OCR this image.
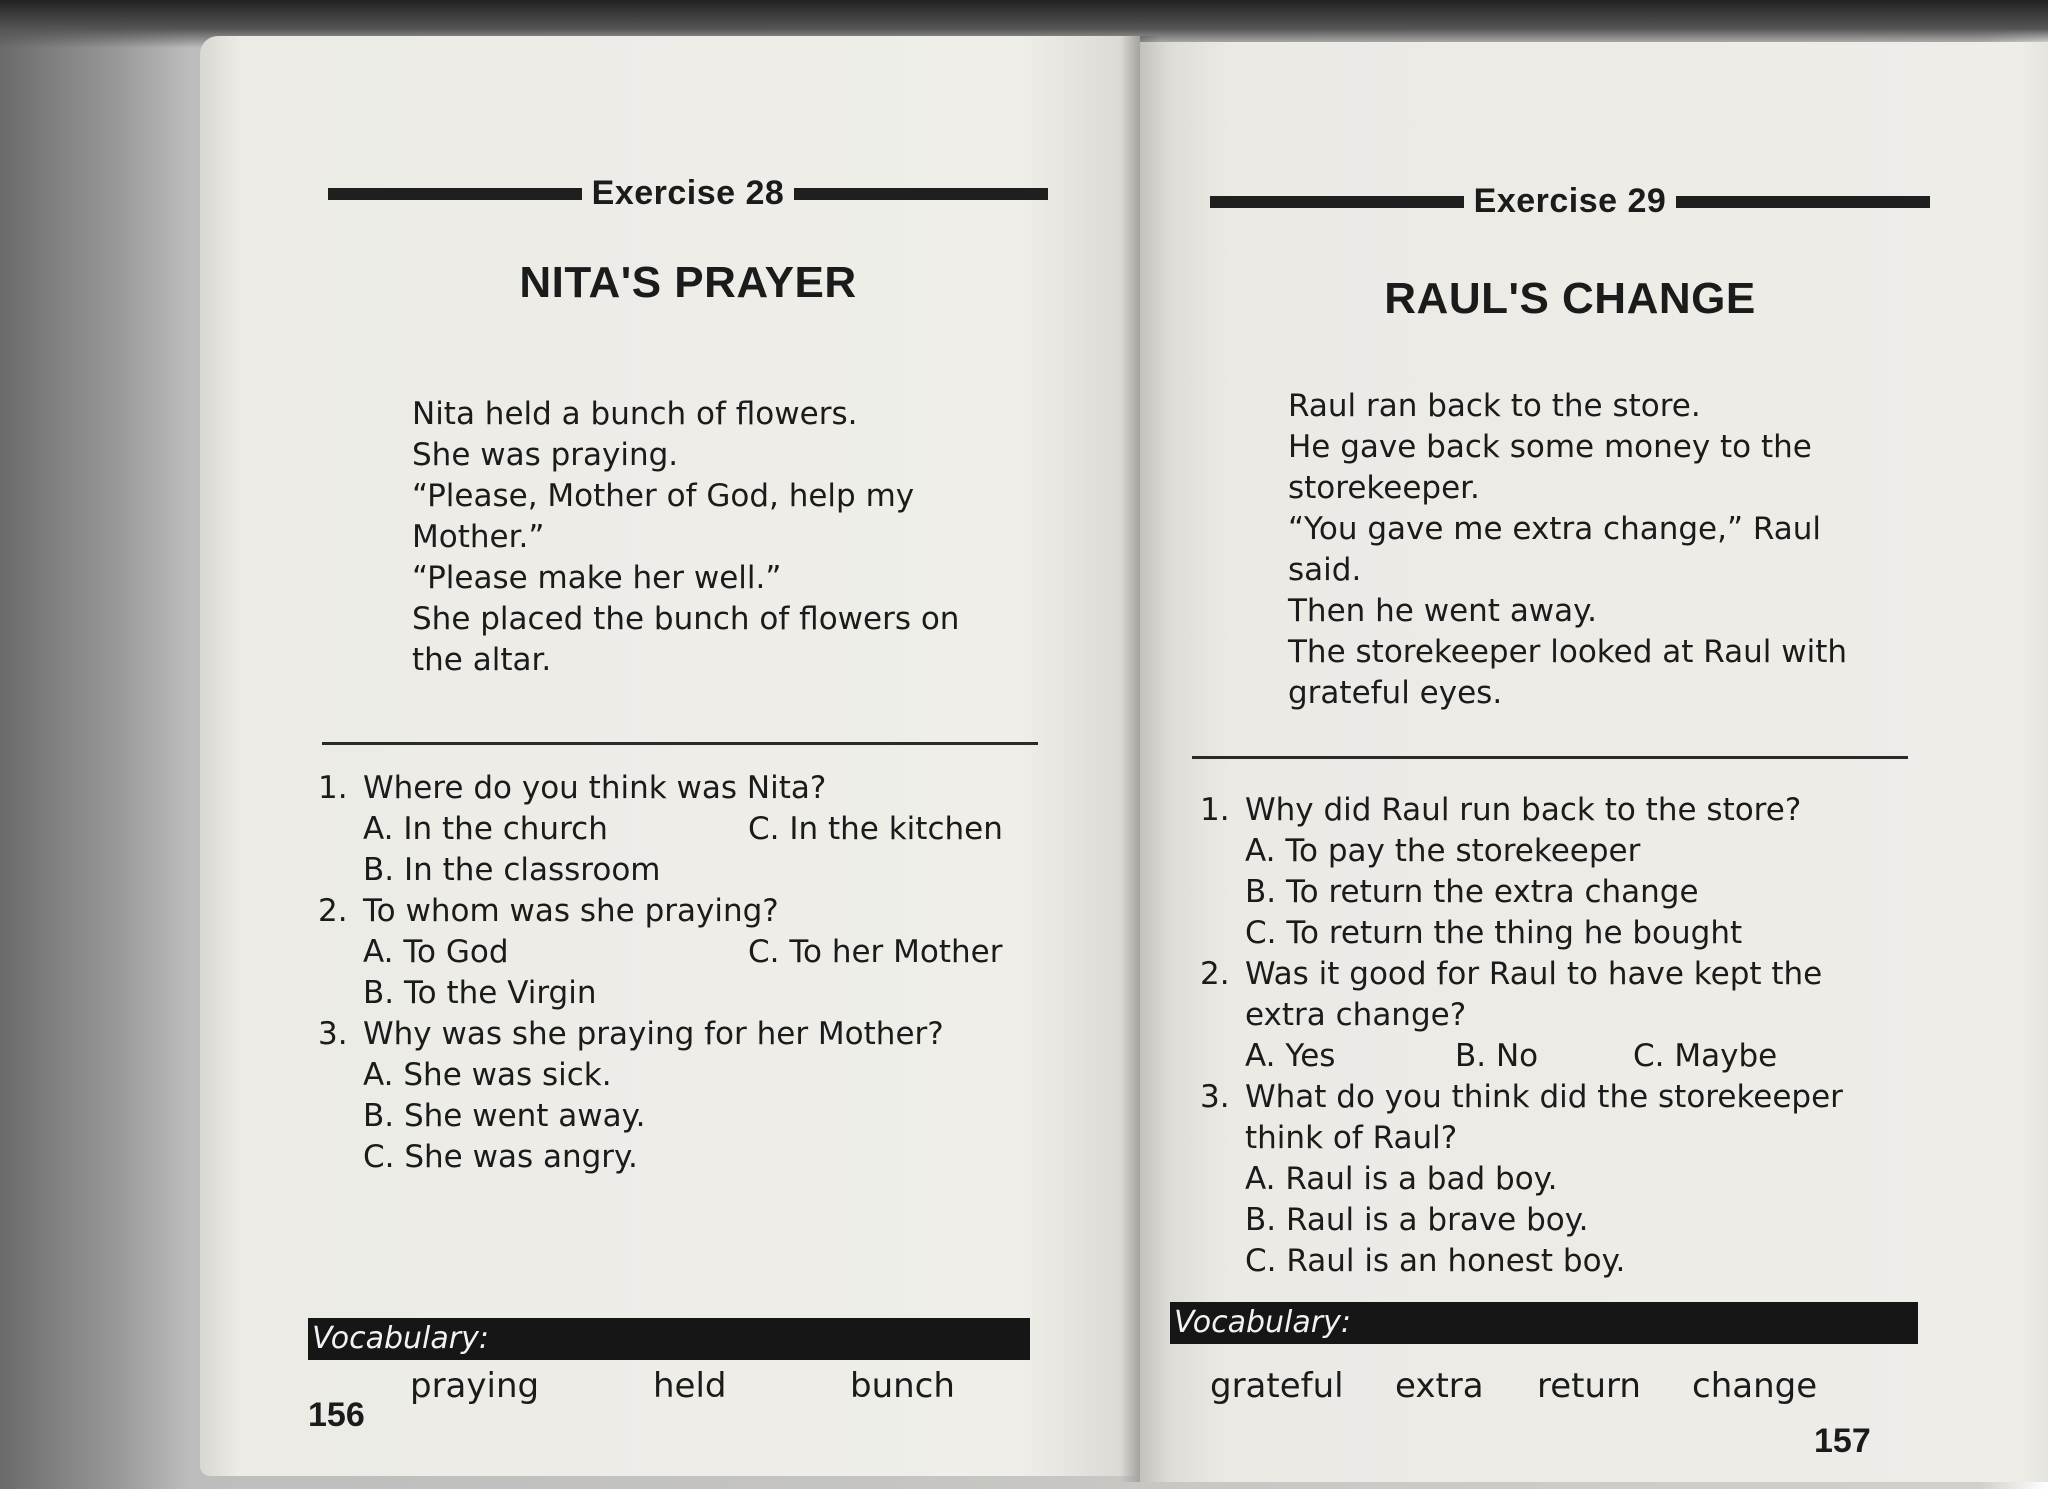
Exercise 28
NITA'S PRAYER

Nita held a bunch of flowers.

She was praying.

“Please, Mother of God, help my

Mother.”

“Please make her well.”

She placed the bunch of flowers on

the altar.

1. Where do you think was Nita?
A. In the church	C. In the kitchen
B. In the classroom
2. To whom was she praying?
A. To God	C. To her Mother
B. To the Virgin
3. Why was she praying for her Mother?
A. She was sick.
B. She went away.
C. She was angry.
Vocabulary:
praying	held	bunch
156
Exercise 29
RAUL'S CHANGE

Raul ran back to the store.

He gave back some money to the

storekeeper.

“You gave me extra change,” Raul

said.

Then he went away.

The storekeeper looked at Raul with

grateful eyes.

1. Why did Raul run back to the store?
A. To pay the storekeeper
B. To return the extra change
C. To return the thing he bought
2. Was it good for Raul to have kept the
extra change?
A. Yes	B. No	C. Maybe
3. What do you think did the storekeeper
think of Raul?
A. Raul is a bad boy.
B. Raul is a brave boy.
C. Raul is an honest boy.
Vocabulary:
grateful	extra	return	change
157
